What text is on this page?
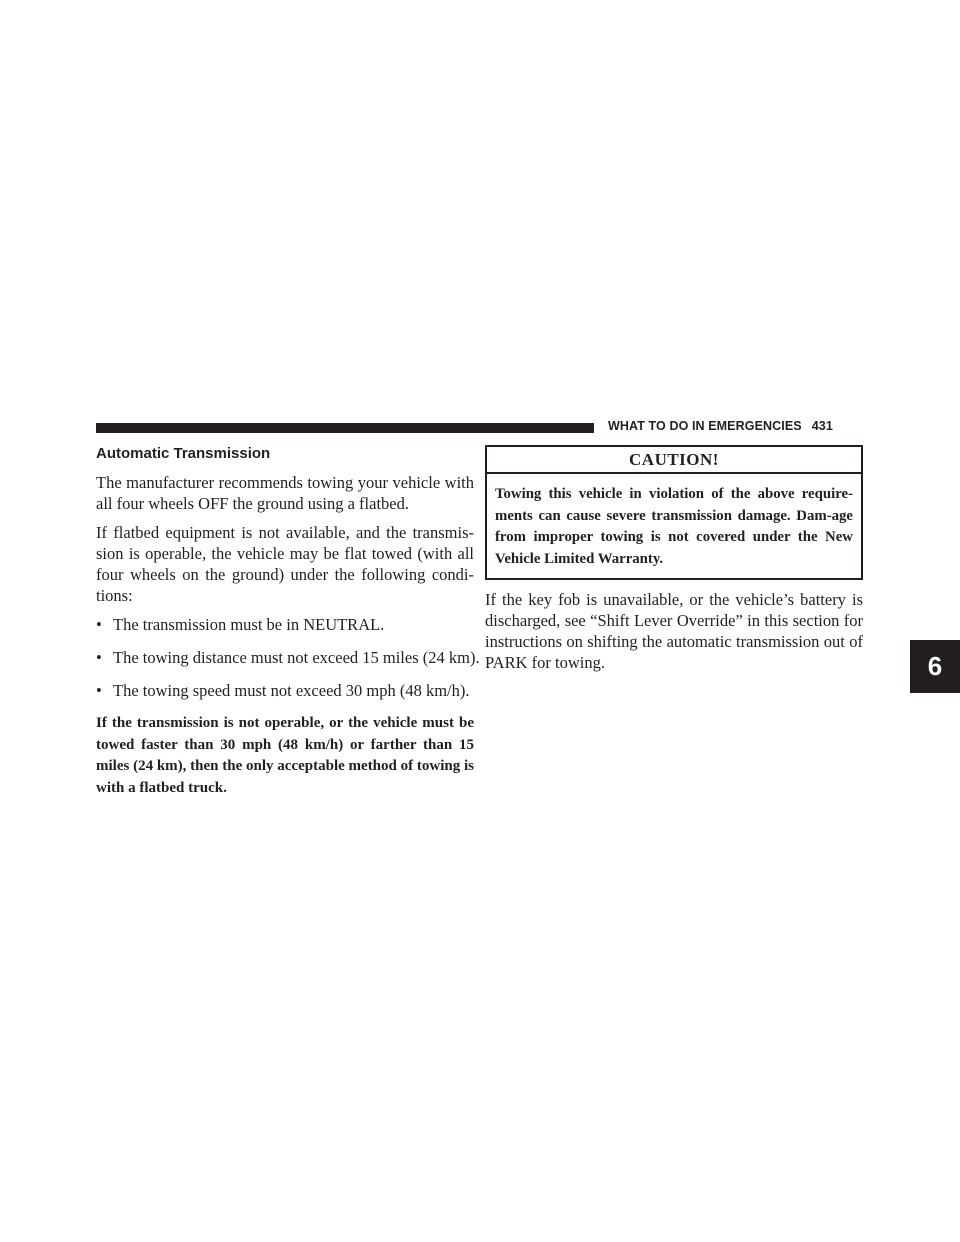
WHAT TO DO IN EMERGENCIES 431
Automatic Transmission

The manufacturer recommends towing your vehicle with all four wheels OFF the ground using a flatbed.

If flatbed equipment is not available, and the transmis-sion is operable, the vehicle may be flat towed (with all four wheels on the ground) under the following condi-tions:

• The transmission must be in NEUTRAL.
• The towing distance must not exceed 15 miles (24 km).
• The towing speed must not exceed 30 mph (48 km/h).

If the transmission is not operable, or the vehicle must be towed faster than 30 mph (48 km/h) or farther than 15 miles (24 km), then the only acceptable method of towing is with a flatbed truck.

CAUTION!
Towing this vehicle in violation of the above require-ments can cause severe transmission damage. Dam-age from improper towing is not covered under the New Vehicle Limited Warranty.

If the key fob is unavailable, or the vehicle’s battery is discharged, see “Shift Lever Override” in this section for instructions on shifting the automatic transmission out of PARK for towing.	6
